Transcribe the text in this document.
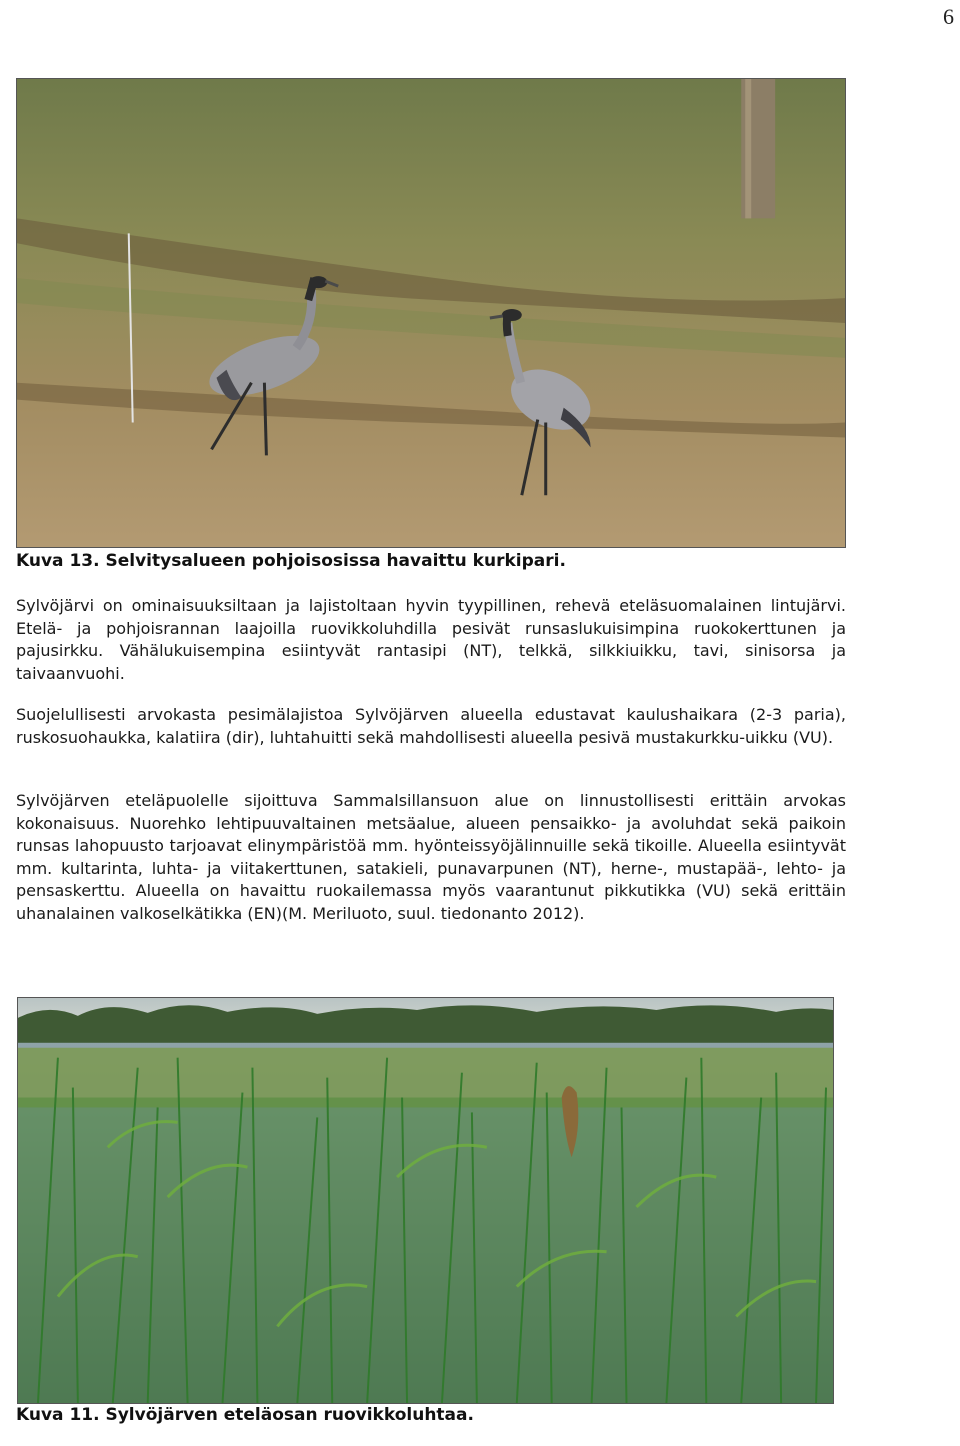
6
Kuva 13. Selvitysalueen pohjoisosissa havaittu kurkipari.

Sylvöjärvi on ominaisuuksiltaan ja lajistoltaan hyvin tyypillinen, rehevä eteläsuomalainen lintujärvi. Etelä- ja pohjoisrannan laajoilla ruovikkoluhdilla pesivät runsaslukuisimpina ruokokerttunen ja pajusirkku. Vähälukuisempina esiintyvät rantasipi (NT), telkkä, silkkiuikku, tavi, sinisorsa ja taivaanvuohi.

Suojelullisesti arvokasta pesimälajistoa Sylvöjärven alueella edustavat kaulushaikara (2-3 paria), ruskosuohaukka, kalatiira (dir), luhtahuitti sekä mahdollisesti alueella pesivä mustakurkku-uikku (VU).

Sylvöjärven eteläpuolelle sijoittuva Sammalsillansuon alue on linnustollisesti erittäin arvokas kokonaisuus. Nuorehko lehtipuuvaltainen metsäalue, alueen pensaikko- ja avoluhdat sekä paikoin runsas lahopuusto tarjoavat elinympäristöä mm. hyönteissyöjälinnuille sekä tikoille. Alueella esiintyvät mm. kultarinta, luhta- ja viitakerttunen, satakieli, punavarpunen (NT), herne-, mustapää-, lehto- ja pensaskerttu. Alueella on havaittu ruokailemassa myös vaarantunut pikkutikka (VU) sekä erittäin uhanalainen valkoselkätikka (EN)(M. Meriluoto, suul. tiedonanto 2012).

Kuva 11. Sylvöjärven eteläosan ruovikkoluhtaa.
